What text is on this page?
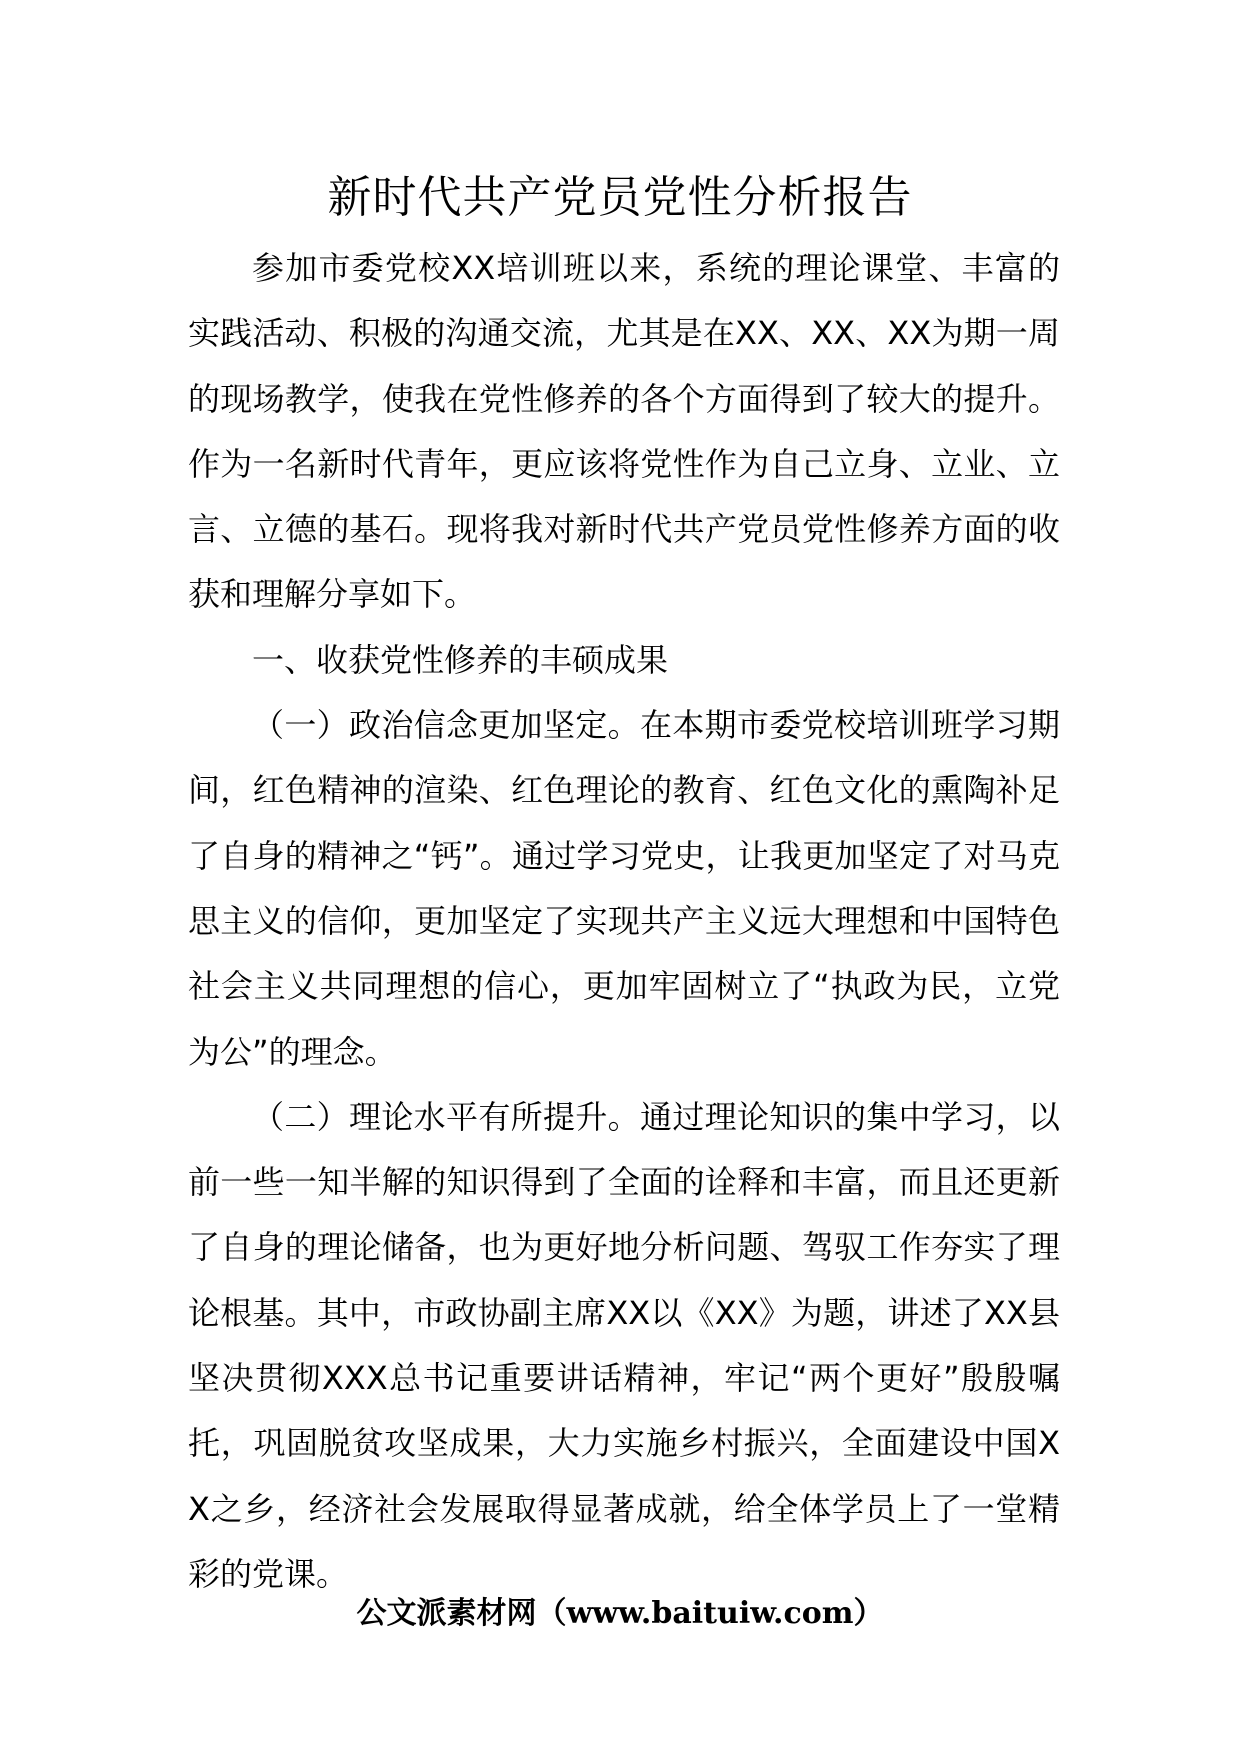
新时代共产党员党性分析报告

参加市委党校XX培训班以来，系统的理论课堂、丰富的实践活动、积极的沟通交流，尤其是在XX、XX、XX为期一周的现场教学，使我在党性修养的各个方面得到了较大的提升。作为一名新时代青年，更应该将党性作为自己立身、立业、立言、立德的基石。现将我对新时代共产党员党性修养方面的收获和理解分享如下。

一、收获党性修养的丰硕成果

（一）政治信念更加坚定。在本期市委党校培训班学习期间，红色精神的渲染、红色理论的教育、红色文化的熏陶补足了自身的精神之“钙”。通过学习党史，让我更加坚定了对马克思主义的信仰，更加坚定了实现共产主义远大理想和中国特色社会主义共同理想的信心，更加牢固树立了“执政为民，立党为公”的理念。

（二）理论水平有所提升。通过理论知识的集中学习，以前一些一知半解的知识得到了全面的诠释和丰富，而且还更新了自身的理论储备，也为更好地分析问题、驾驭工作夯实了理论根基。其中，市政协副主席XX以《XX》为题，讲述了XX县坚决贯彻XXX总书记重要讲话精神，牢记“两个更好”殷殷嘱托，巩固脱贫攻坚成果，大力实施乡村振兴，全面建设中国XX之乡，经济社会发展取得显著成就，给全体学员上了一堂精彩的党课。

公文派素材网（www.baituiw.com）
